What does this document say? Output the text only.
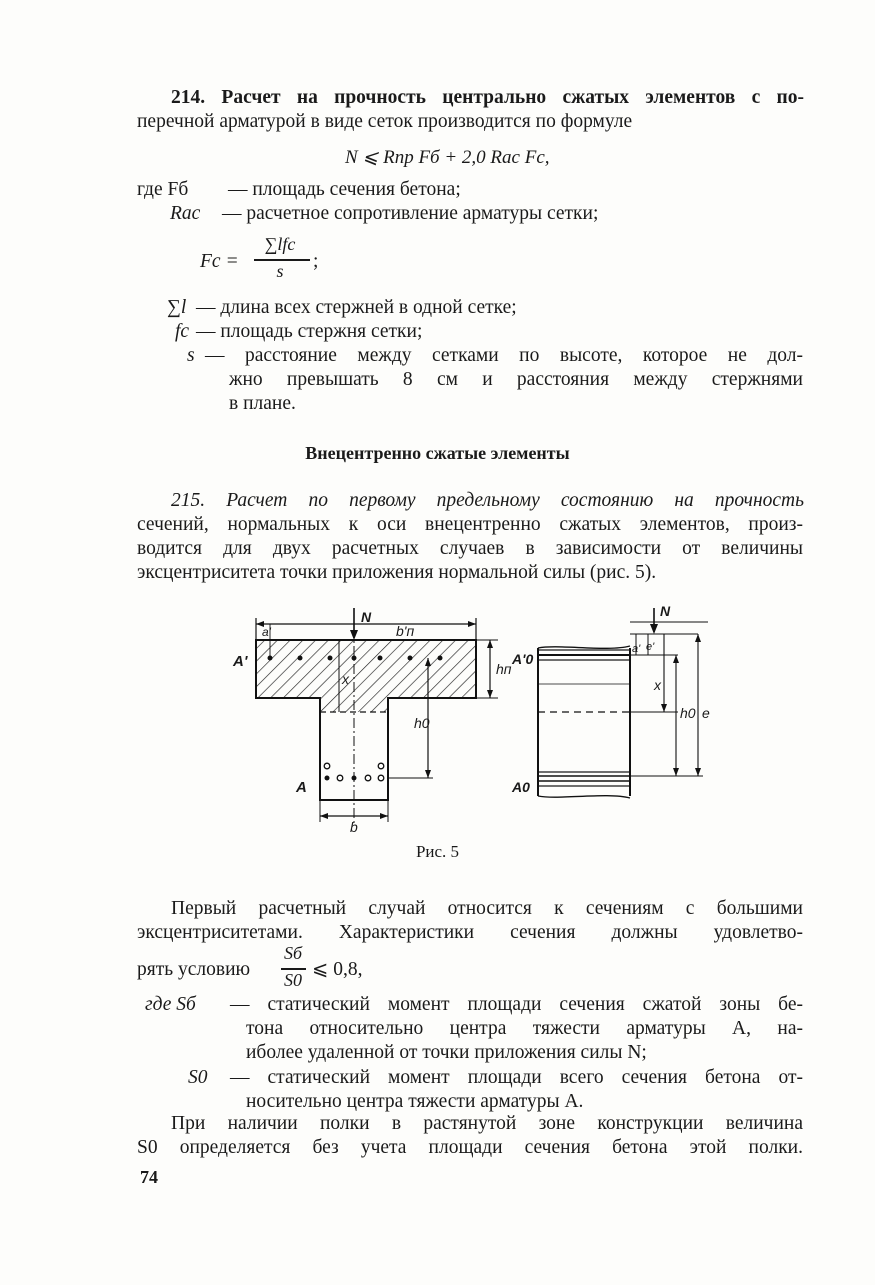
214. Расчет на прочность центрально сжатых элементов с по-
перечной арматурой в виде сеток производится по формуле
N ⩽ Rпр Fб + 2,0 Rас Fс,
где Fб — площадь сечения бетона;
Rас — расчетное сопротивление арматуры сетки;
Fс =
∑lfс
s	;
∑l — длина всех стержней в одной сетке;
fс — площадь стержня сетки;
s — расстояние между сетками по высоте, которое не дол-
жно превышать 8 см и расстояния между стержнями
в плане.
Внецентренно сжатые элементы
215. Расчет по первому предельному состоянию на прочность
сечений, нормальных к оси внецентренно сжатых элементов, произ-
водится для двух расчетных случаев в зависимости от величины
эксцентриситета точки приложения нормальной силы (рис. 5).
N
b'п
a'
A'	hп
x
h0
A
b
N
e'
a'
A'0
x
h0 e
A0
Рис. 5
Первый расчетный случай относится к сечениям с большими
эксцентриситетами. Характеристики сечения должны удовлетво-
рять условию
Sб
S0 ⩽ 0,8,
где Sб — статический момент площади сечения сжатой зоны бе-
тона относительно центра тяжести арматуры A, на-
иболее удаленной от точки приложения силы N;
S0 — статический момент площади всего сечения бетона от-
носительно центра тяжести арматуры A.
При наличии полки в растянутой зоне конструкции величина
S0 определяется без учета площади сечения бетона этой полки.
74
